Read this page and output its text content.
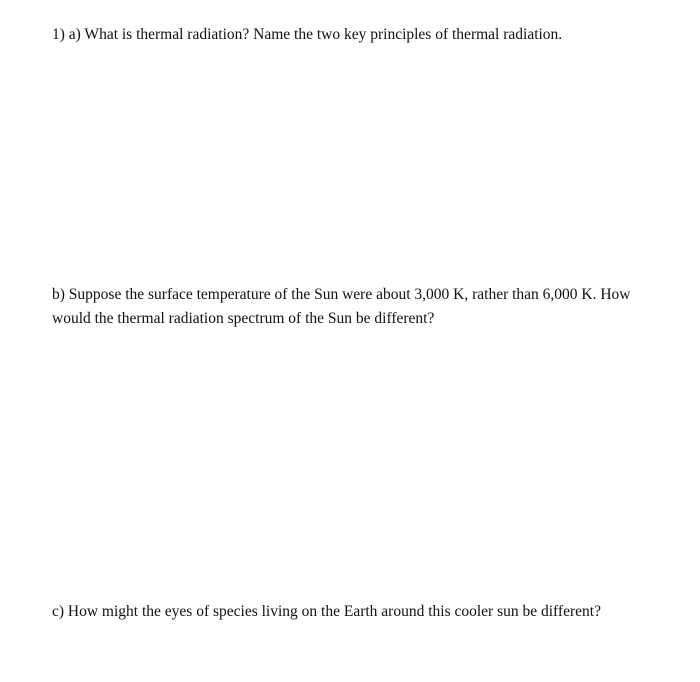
1) a) What is thermal radiation? Name the two key principles of thermal radiation.

b) Suppose the surface temperature of the Sun were about 3,000 K, rather than 6,000 K. How
would the thermal radiation spectrum of the Sun be different?

c) How might the eyes of species living on the Earth around this cooler sun be different?
